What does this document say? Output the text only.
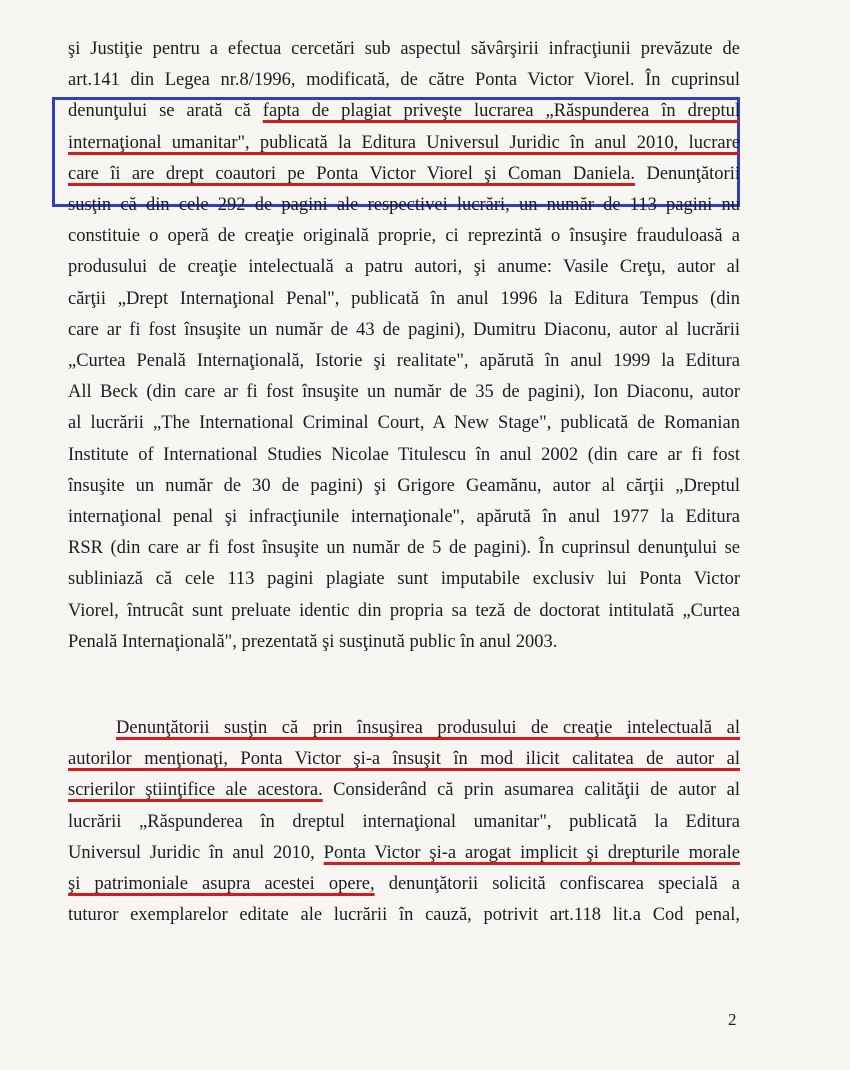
şi Justiţie pentru a efectua cercetări sub aspectul săvârşirii infracţiunii prevăzute de
art.141 din Legea nr.8/1996, modificată, de către Ponta Victor Viorel. În cuprinsul
denunţului se arată că fapta de plagiat priveşte lucrarea „Răspunderea în dreptul
internaţional umanitar", publicată la Editura Universul Juridic în anul 2010, lucrare
care îi are drept coautori pe Ponta Victor Viorel şi Coman Daniela. Denunţătorii
susţin că din cele 292 de pagini ale respectivei lucrări, un număr de 113 pagini nu
constituie o operă de creaţie originală proprie, ci reprezintă o însuşire frauduloasă a
produsului de creaţie intelectuală a patru autori, şi anume: Vasile Creţu, autor al
cărţii „Drept Internaţional Penal", publicată în anul 1996 la Editura Tempus (din
care ar fi fost însuşite un număr de 43 de pagini), Dumitru Diaconu, autor al lucrării
„Curtea Penală Internaţională, Istorie şi realitate", apărută în anul 1999 la Editura
All Beck (din care ar fi fost însuşite un număr de 35 de pagini), Ion Diaconu, autor
al lucrării „The International Criminal Court, A New Stage", publicată de Romanian
Institute of International Studies Nicolae Titulescu în anul 2002 (din care ar fi fost
însuşite un număr de 30 de pagini) şi Grigore Geamănu, autor al cărţii „Dreptul
internaţional penal şi infracţiunile internaţionale", apărută în anul 1977 la Editura
RSR (din care ar fi fost însuşite un număr de 5 de pagini). În cuprinsul denunţului se
subliniază că cele 113 pagini plagiate sunt imputabile exclusiv lui Ponta Victor
Viorel, întrucât sunt preluate identic din propria sa teză de doctorat intitulată „Curtea
Penală Internaţională", prezentată şi susţinută public în anul 2003.
Denunţătorii susţin că prin însuşirea produsului de creaţie intelectuală al
autorilor menţionaţi, Ponta Victor şi-a însuşit în mod ilicit calitatea de autor al
scrierilor ştiinţifice ale acestora. Considerând că prin asumarea calităţii de autor al
lucrării „Răspunderea în dreptul internaţional umanitar", publicată la Editura
Universul Juridic în anul 2010, Ponta Victor şi-a arogat implicit şi drepturile morale
şi patrimoniale asupra acestei opere, denunţătorii solicită confiscarea specială a
tuturor exemplarelor editate ale lucrării în cauză, potrivit art.118 lit.a Cod penal,
2
